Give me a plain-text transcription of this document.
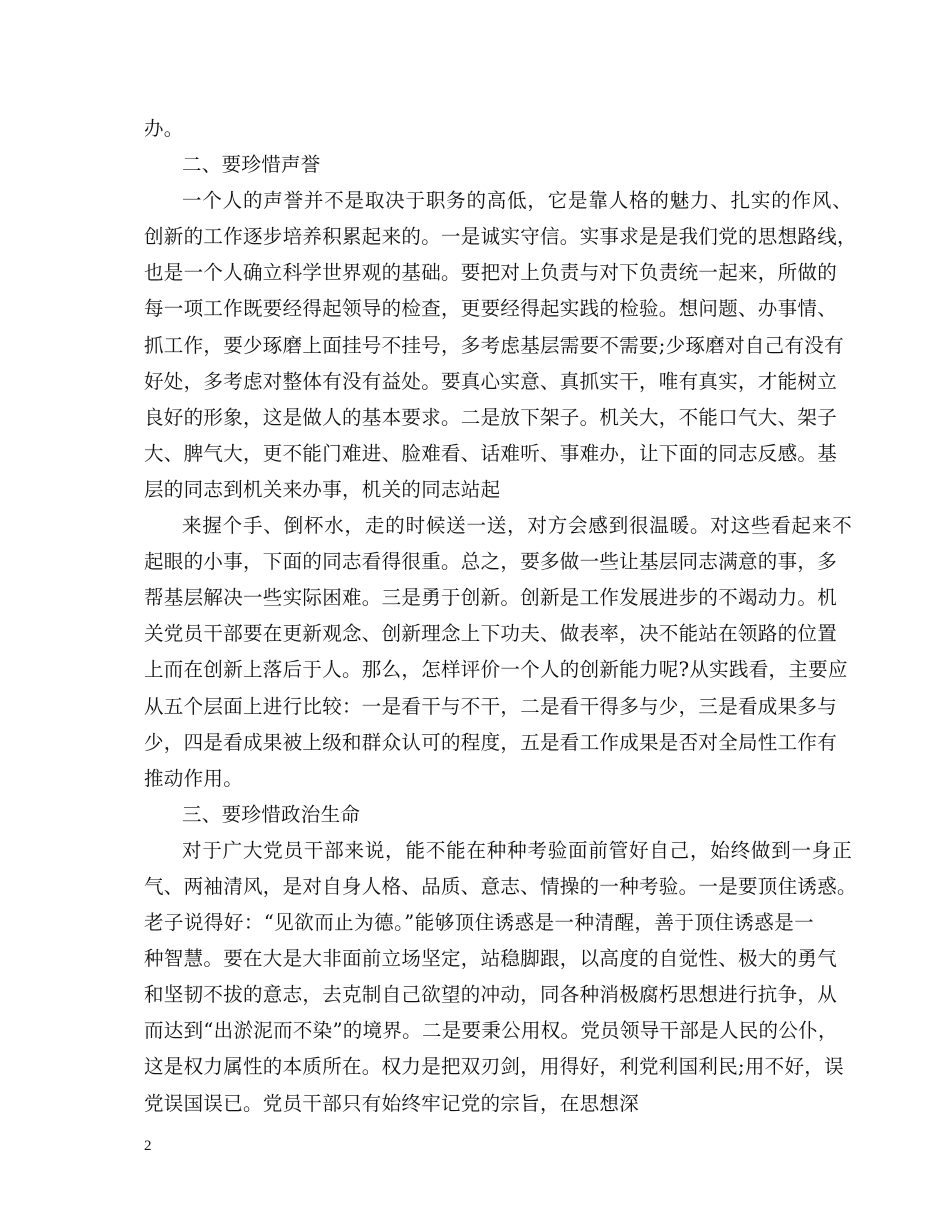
办。
二、要珍惜声誉
一个人的声誉并不是取决于职务的高低，它是靠人格的魅力、扎实的作风、
创新的工作逐步培养积累起来的。一是诚实守信。实事求是是我们党的思想路线，
也是一个人确立科学世界观的基础。要把对上负责与对下负责统一起来，所做的
每一项工作既要经得起领导的检查，更要经得起实践的检验。想问题、办事情、
抓工作，要少琢磨上面挂号不挂号，多考虑基层需要不需要;少琢磨对自己有没有
好处，多考虑对整体有没有益处。要真心实意、真抓实干，唯有真实，才能树立
良好的形象，这是做人的基本要求。二是放下架子。机关大，不能口气大、架子
大、脾气大，更不能门难进、脸难看、话难听、事难办，让下面的同志反感。基
层的同志到机关来办事，机关的同志站起
来握个手、倒杯水，走的时候送一送，对方会感到很温暖。对这些看起来不
起眼的小事，下面的同志看得很重。总之，要多做一些让基层同志满意的事，多
帮基层解决一些实际困难。三是勇于创新。创新是工作发展进步的不竭动力。机
关党员干部要在更新观念、创新理念上下功夫、做表率，决不能站在领路的位置
上而在创新上落后于人。那么，怎样评价一个人的创新能力呢?从实践看，主要应
从五个层面上进行比较：一是看干与不干，二是看干得多与少，三是看成果多与
少，四是看成果被上级和群众认可的程度，五是看工作成果是否对全局性工作有
推动作用。
三、要珍惜政治生命
对于广大党员干部来说，能不能在种种考验面前管好自己，始终做到一身正
气、两袖清风，是对自身人格、品质、意志、情操的一种考验。一是要顶住诱惑。
老子说得好：“见欲而止为德。”能够顶住诱惑是一种清醒，善于顶住诱惑是一
种智慧。要在大是大非面前立场坚定，站稳脚跟，以高度的自觉性、极大的勇气
和坚韧不拔的意志，去克制自己欲望的冲动，同各种消极腐朽思想进行抗争，从
而达到“出淤泥而不染”的境界。二是要秉公用权。党员领导干部是人民的公仆，
这是权力属性的本质所在。权力是把双刃剑，用得好，利党利国利民;用不好，误
党误国误已。党员干部只有始终牢记党的宗旨，在思想深
2
